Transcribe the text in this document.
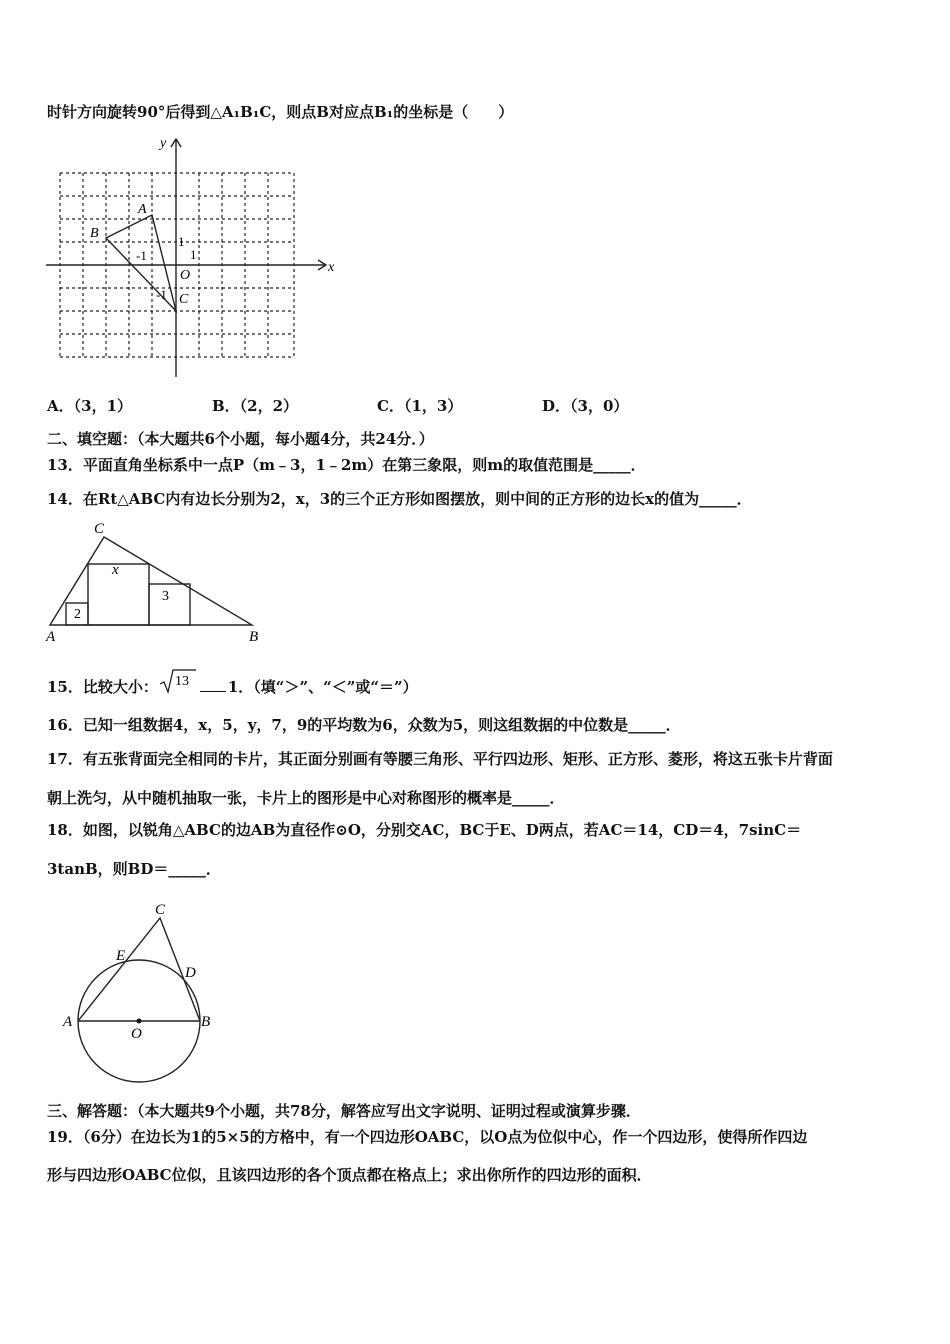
时针方向旋转90°后得到△A₁B₁C，则点B对应点B₁的坐标是（　　）
y
x
A
B
C
O
1
1
-1
-1
A．（3，1）	B．（2，2）	C．（1，3）	D．（3，0）
二、填空题：（本大题共6个小题，每小题4分，共24分．）
13．平面直角坐标系中一点P（m﹣3，1﹣2m）在第三象限，则m的取值范围是_____．
14．在Rt△ABC内有边长分别为2，x，3的三个正方形如图摆放，则中间的正方形的边长x的值为_____．
C
A	B
x
2
3
15．比较大小： 13	1．（填“＞”、“＜”或“＝”）
16．已知一组数据4，x，5，y，7，9的平均数为6，众数为5，则这组数据的中位数是_____．
17．有五张背面完全相同的卡片，其正面分别画有等腰三角形、平行四边形、矩形、正方形、菱形，将这五张卡片背面
朝上洗匀，从中随机抽取一张，卡片上的图形是中心对称图形的概率是_____．
18．如图，以锐角△ABC的边AB为直径作⊙O，分别交AC，BC于E、D两点，若AC＝14，CD＝4，7sinC＝
3tanB，则BD＝_____．
C
E
D
A	B
O
三、解答题：（本大题共9个小题，共78分，解答应写出文字说明、证明过程或演算步骤．
19．（6分）在边长为1的5×5的方格中，有一个四边形OABC，以O点为位似中心，作一个四边形，使得所作四边
形与四边形OABC位似，且该四边形的各个顶点都在格点上；求出你所作的四边形的面积．
